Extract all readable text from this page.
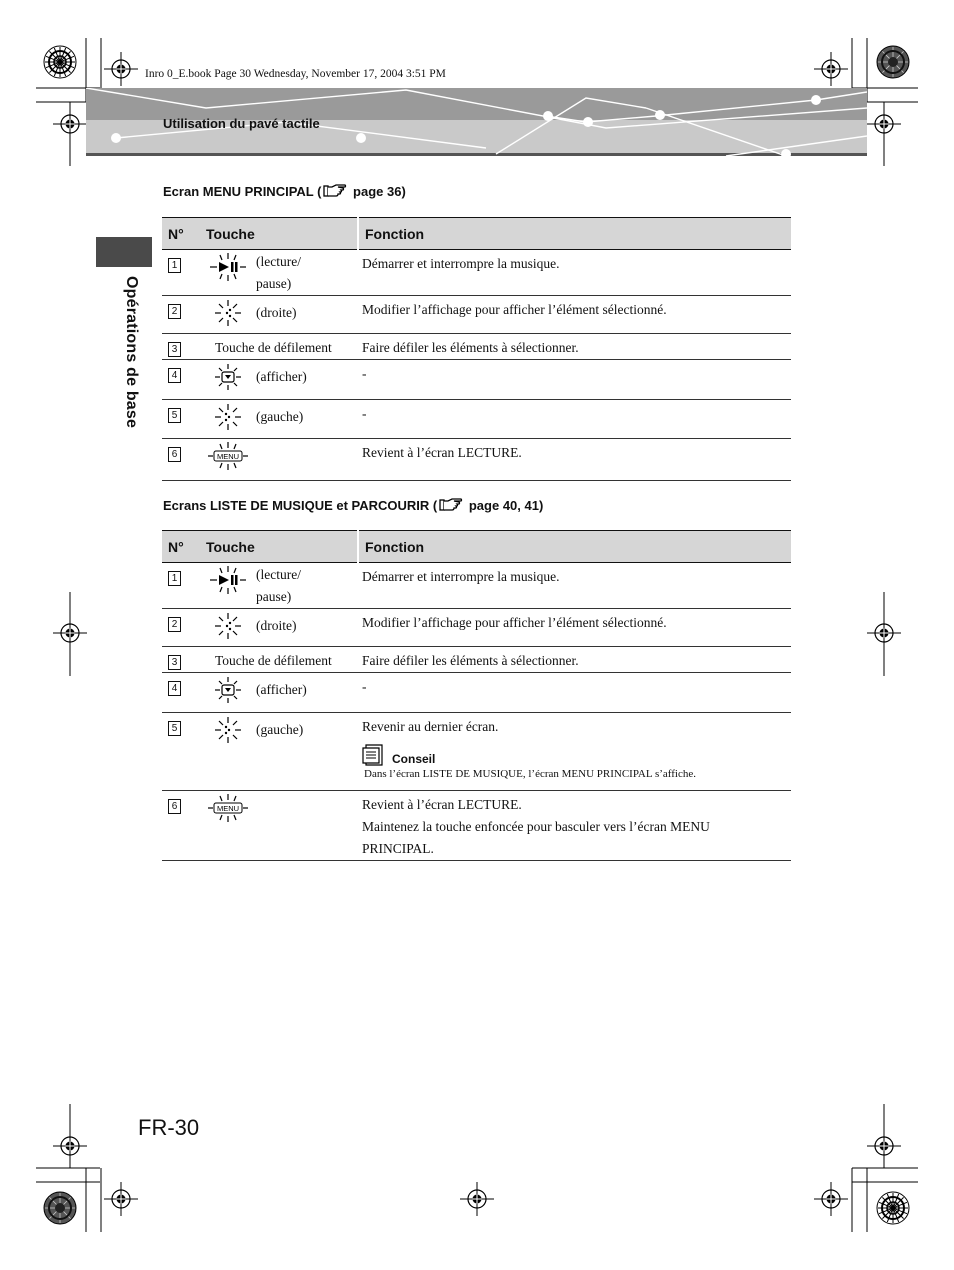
Inro 0_E.book Page 30 Wednesday, November 17, 2004 3:51 PM
Utilisation du pavé tactile
Opérations de base
Ecran MENU PRINCIPAL ( page 36)
N°	Touche	Fonction
1	(lecture/ pause)	Démarrer et interrompre la musique.
2	(droite)	Modifier l’affichage pour afficher l’élément sélectionné.
3	Touche de défilement	Faire défiler les éléments à sélectionner.
4	(afficher)	-
5	(gauche)	-
6	MENU	Revient à l’écran LECTURE.
Ecrans LISTE DE MUSIQUE et PARCOURIR ( page 40, 41)
N°	Touche	Fonction
1	(lecture/ pause)	Démarrer et interrompre la musique.
2	(droite)	Modifier l’affichage pour afficher l’élément sélectionné.
3	Touche de défilement	Faire défiler les éléments à sélectionner.
4	(afficher)	-
5	(gauche)	Revenir au dernier écran.
Conseil
Dans l’écran LISTE DE MUSIQUE, l’écran MENU PRINCIPAL s’affiche.

6	MENU	Revient à l’écran LECTURE.
Maintenez la touche enfoncée pour basculer vers l’écran MENU PRINCIPAL.
FR-30
